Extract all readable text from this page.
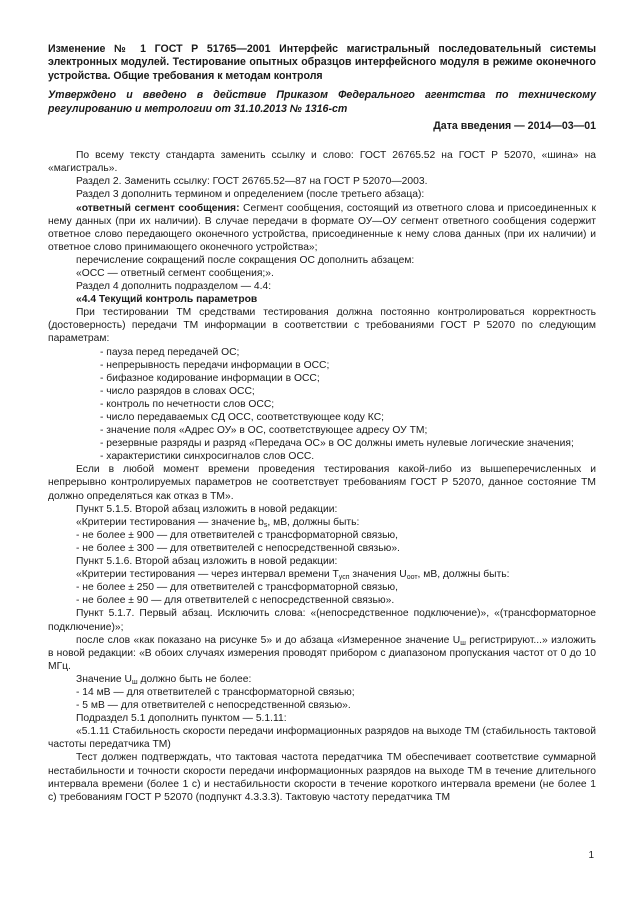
Изменение № 1 ГОСТ Р 51765—2001 Интерфейс магистральный последовательный системы электронных модулей. Тестирование опытных образцов интерфейсного модуля в режиме оконечного устройства. Общие требования к методам контроля

Утверждено и введено в действие Приказом Федерального агентства по техническому регулированию и метрологии от 31.10.2013 № 1316-ст

Дата введения — 2014—03—01

По всему тексту стандарта заменить ссылку и слово: ГОСТ 26765.52 на ГОСТ Р 52070, «шина» на «магистраль».

Раздел 2. Заменить ссылку: ГОСТ 26765.52—87 на ГОСТ Р 52070—2003.

Раздел 3 дополнить термином и определением (после третьего абзаца):

«ответный сегмент сообщения: Сегмент сообщения, состоящий из ответного слова и присоединенных к нему данных (при их наличии). В случае передачи в формате ОУ—ОУ сегмент ответного сообщения содержит ответное слово передающего оконечного устройства, присоединенные к нему слова данных (при их наличии) и ответное слово принимающего оконечного устройства»;

перечисление сокращений после сокращения ОС дополнить абзацем:

«ОСС — ответный сегмент сообщения;».

Раздел 4 дополнить подразделом — 4.4:

«4.4 Текущий контроль параметров

При тестировании ТМ средствами тестирования должна постоянно контролироваться корректность (достоверность) передачи ТМ информации в соответствии с требованиями ГОСТ Р 52070 по следующим параметрам:

- пауза перед передачей ОС;

- непрерывность передачи информации в ОСС;

- бифазное кодирование информации в ОСС;

- число разрядов в словах ОСС;

- контроль по нечетности слов ОСС;

- число передаваемых СД ОСС, соответствующее коду КС;

- значение поля «Адрес ОУ» в ОС, соответствующее адресу ОУ ТМ;

- резервные разряды и разряд «Передача ОС» в ОС должны иметь нулевые логические значения;

- характеристики синхросигналов слов ОСС.

Если в любой момент времени проведения тестирования какой-либо из вышеперечисленных и непрерывно контролируемых параметров не соответствует требованиям ГОСТ Р 52070, данное состояние ТМ должно определяться как отказ в ТМ».

Пункт 5.1.5. Второй абзац изложить в новой редакции:

«Критерии тестирования — значение $b_s$, мВ, должны быть:

- не более ± 900 — для ответвителей с трансформаторной связью,

- не более ± 300 — для ответвителей с непосредственной связью».

Пункт 5.1.6. Второй абзац изложить в новой редакции:

«Критерии тестирования — через интервал времени $Т_{усп}$ значения $U_{оот}$, мВ, должны быть:

- не более ± 250 — для ответвителей с трансформаторной связью,

- не более ± 90 — для ответвителей с непосредственной связью».

Пункт 5.1.7. Первый абзац. Исключить слова: «(непосредственное подключение)», «(трансформаторное подключение)»;

после слов «как показано на рисунке 5» и до абзаца «Измеренное значение $U_ш$ регистрируют...» изложить в новой редакции: «В обоих случаях измерения проводят прибором с диапазоном пропускания частот от 0 до 10 МГц.

Значение $U_ш$ должно быть не более:

- 14 мВ — для ответвителей с трансформаторной связью;

- 5 мВ — для ответвителей с непосредственной связью».

Подраздел 5.1 дополнить пунктом — 5.1.11:

«5.1.11 Стабильность скорости передачи информационных разрядов на выходе ТМ (стабильность тактовой частоты передатчика ТМ)

Тест должен подтверждать, что тактовая частота передатчика ТМ обеспечивает соответствие суммарной нестабильности и точности скорости передачи информационных разрядов на выходе ТМ в течение длительного интервала времени (более 1 с) и нестабильности скорости в течение короткого интервала времени (не более 1 с) требованиям ГОСТ Р 52070 (подпункт 4.3.3.3). Тактовую частоту передатчика ТМ

1
